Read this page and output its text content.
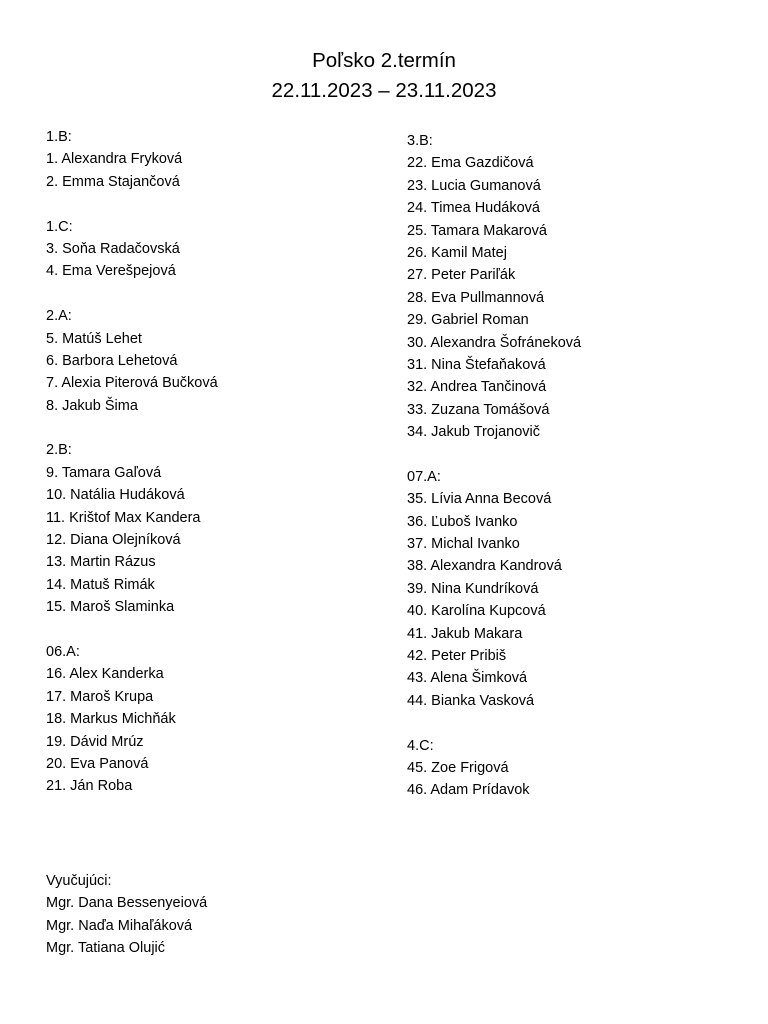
Poľsko 2.termín
22.11.2023 – 23.11.2023
1.B:
1. Alexandra Fryková
2. Emma Stajančová
1.C:
3. Soňa Radačovská
4. Ema Verešpejová
2.A:
5. Matúš Lehet
6. Barbora Lehetová
7. Alexia Piterová Bučková
8. Jakub Šima
2.B:
9. Tamara Gaľová
10. Natália Hudáková
11. Krištof Max Kandera
12. Diana Olejníková
13. Martin Rázus
14. Matuš Rimák
15. Maroš Slaminka
06.A:
16. Alex Kanderka
17. Maroš Krupa
18. Markus Michňák
19. Dávid Mrúz
20. Eva Panová
21. Ján Roba
3.B:
22. Ema Gazdičová
23. Lucia Gumanová
24. Timea Hudáková
25. Tamara Makarová
26. Kamil Matej
27. Peter Pariľák
28. Eva Pullmannová
29. Gabriel Roman
30. Alexandra Šofráneková
31. Nina Štefaňaková
32. Andrea Tančinová
33. Zuzana Tomášová
34. Jakub Trojanovič
07.A:
35. Lívia Anna Becová
36. Ľuboš Ivanko
37. Michal Ivanko
38. Alexandra Kandrová
39. Nina Kundríková
40. Karolína Kupcová
41. Jakub Makara
42. Peter Pribiš
43. Alena Šimková
44. Bianka Vasková
4.C:
45. Zoe Frigová
46. Adam Prídavok
Vyučujúci:
Mgr. Dana Bessenyeiová
Mgr. Naďa Mihaľáková
Mgr. Tatiana Olujić
